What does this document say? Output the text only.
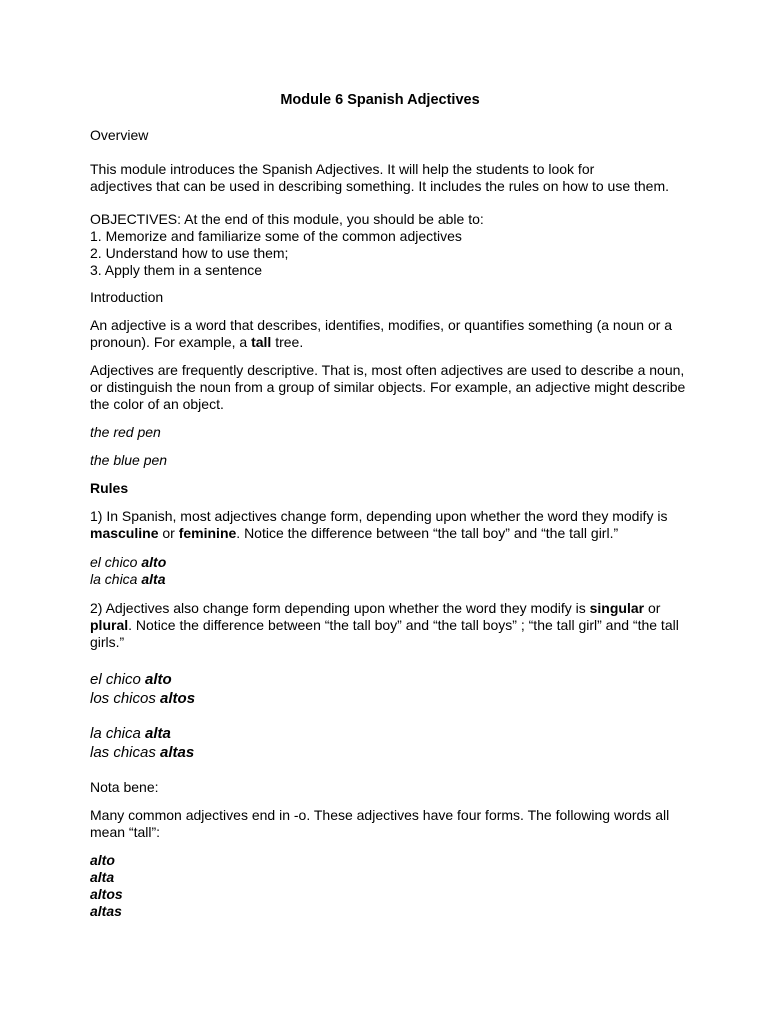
Module 6 Spanish Adjectives
Overview
This module introduces the Spanish Adjectives. It will help the students to look for
adjectives that can be used in describing something. It includes the rules on how to use them.
OBJECTIVES: At the end of this module, you should be able to:
1. Memorize and familiarize some of the common adjectives
2. Understand how to use them;
3. Apply them in a sentence
Introduction
An adjective is a word that describes, identifies, modifies, or quantifies something (a noun or a
pronoun). For example, a tall tree.
Adjectives are frequently descriptive. That is, most often adjectives are used to describe a noun,
or distinguish the noun from a group of similar objects. For example, an adjective might describe
the color of an object.
the red pen
the blue pen
Rules
1) In Spanish, most adjectives change form, depending upon whether the word they modify is
masculine or feminine. Notice the difference between “the tall boy” and “the tall girl.”
el chico alto
la chica alta
2) Adjectives also change form depending upon whether the word they modify is singular or
plural. Notice the difference between “the tall boy” and “the tall boys” ; “the tall girl” and “the tall
girls.”
el chico alto
los chicos altos
la chica alta
las chicas altas
Nota bene:
Many common adjectives end in -o. These adjectives have four forms. The following words all
mean “tall”:
alto
alta
altos
altas
